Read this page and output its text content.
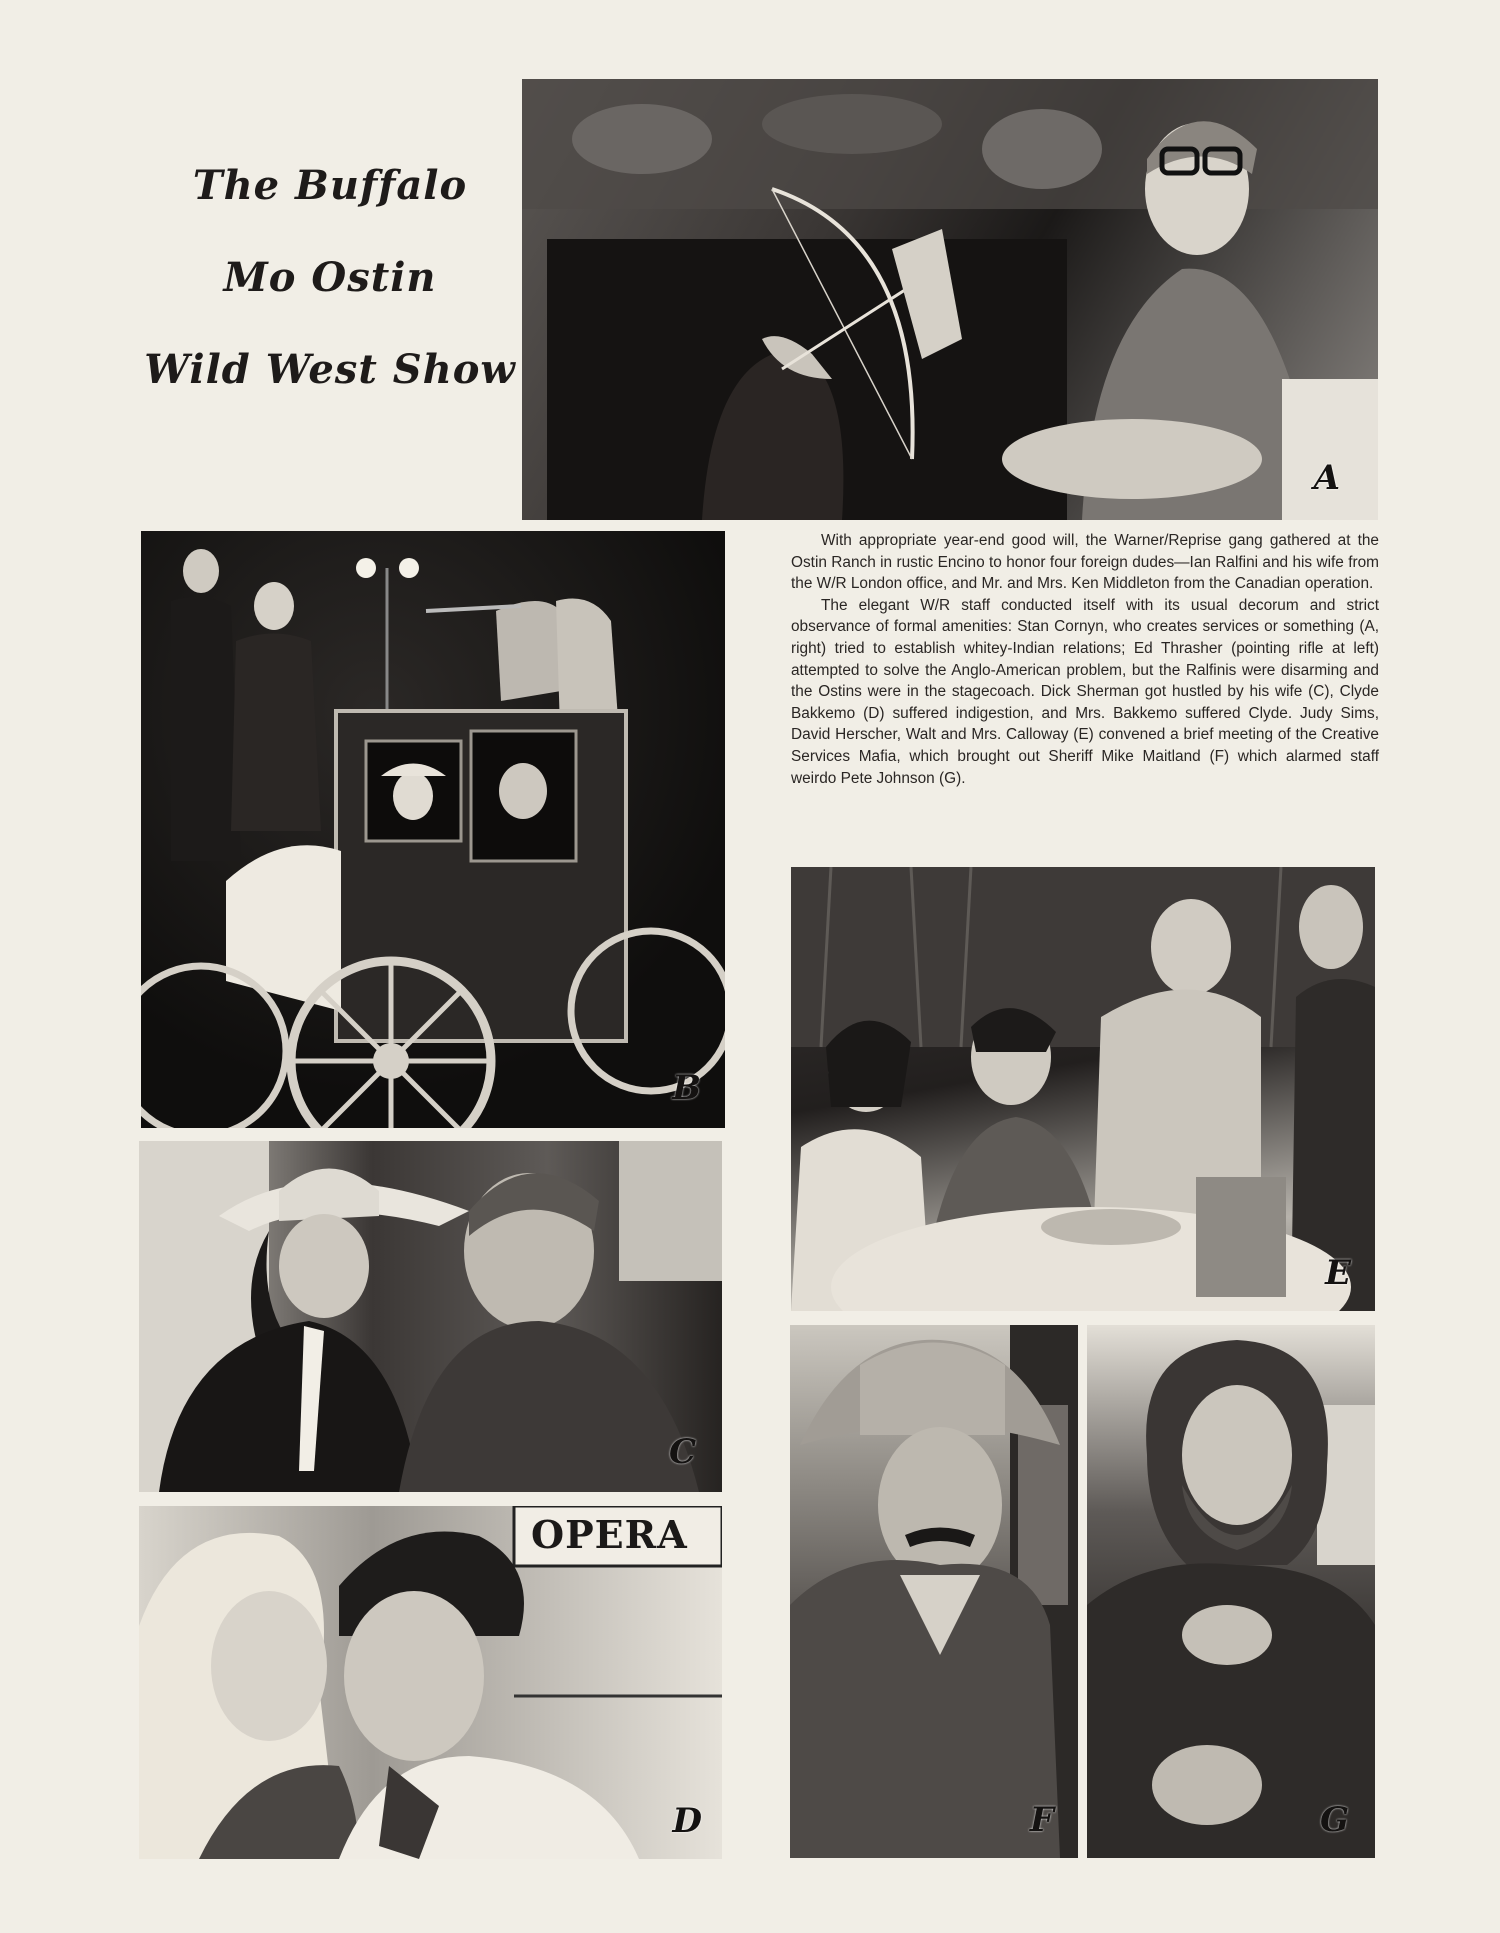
The Buffalo

Mo Ostin

Wild West Show

A
B
C
OPERA
D

With appropriate year-end good will, the Warner/Reprise gang gathered at the Ostin Ranch in rustic Encino to honor four foreign dudes—Ian Ralfini and his wife from the W/R London office, and Mr. and Mrs. Ken Middleton from the Canadian operation.

The elegant W/R staff conducted itself with its usual decorum and strict observance of formal amenities: Stan Cornyn, who creates services or something (A, right) tried to establish whitey-Indian relations; Ed Thrasher (pointing rifle at left) attempted to solve the Anglo-American problem, but the Ralfinis were disarming and the Ostins were in the stagecoach. Dick Sherman got hustled by his wife (C), Clyde Bakkemo (D) suffered indigestion, and Mrs. Bakkemo suffered Clyde. Judy Sims, David Herscher, Walt and Mrs. Calloway (E) convened a brief meeting of the Creative Services Mafia, which brought out Sheriff Mike Maitland (F) which alarmed staff weirdo Pete Johnson (G).

E
F	G
